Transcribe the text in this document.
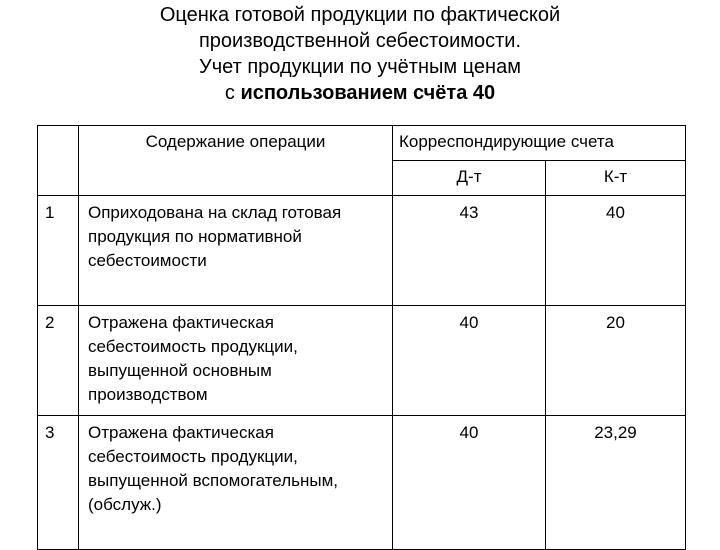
Оценка готовой продукции по фактической
производственной себестоимости.
Учет продукции по учётным ценам
с использованием счёта 40
	Содержание операции	Корреспондирующие счета	
		Д-т	К-т
1	Оприходована на склад готовая продукция по нормативной себестоимости	43	40
2	Отражена фактическая себестоимость продукции, выпущенной основным производством	40	20
3	Отражена фактическая себестоимость продукции, выпущенной вспомогательным, (обслуж.)	40	23,29
